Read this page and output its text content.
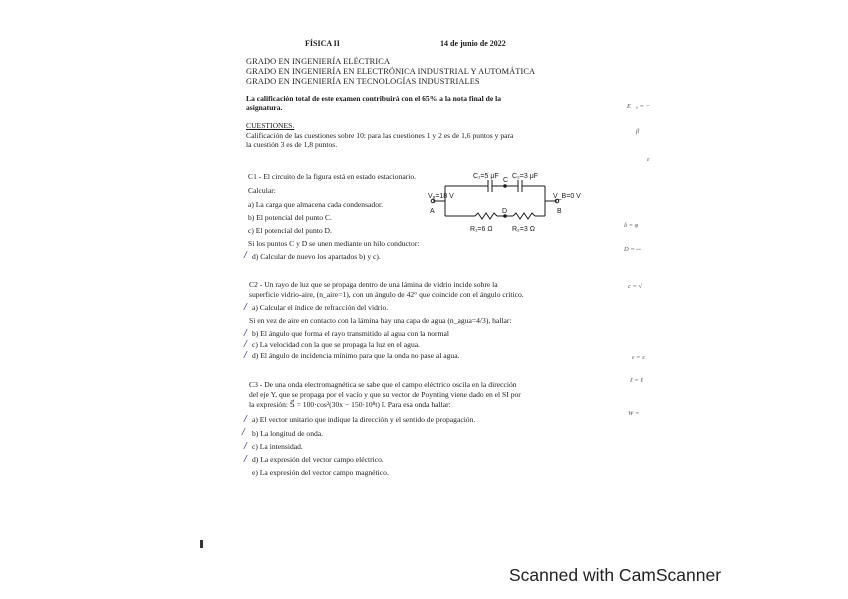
FÍSICA II	14 de junio de 2022
GRADO EN INGENIERÍA ELÉCTRICA
GRADO EN INGENIERÍA EN ELECTRÓNICA INDUSTRIAL Y AUTOMÁTICA
GRADO EN INGENIERÍA EN TECNOLOGÍAS INDUSTRIALES
La calificación total de este examen contribuirá con el 65% a la nota final de la
asignatura.
CUESTIONES.
Calificación de las cuestiones sobre 10: para las cuestiones 1 y 2 es de 1,6 puntos y para
la cuestión 3 es de 1,8 puntos.
C1 - El circuito de la figura está en estado estacionario.
Calcular:
a) La carga que almacena cada condensador.
b) El potencial del punto C.
c) El potencial del punto D.
Si los puntos C y D se unen mediante un hilo conductor:
d) Calcular de nuevo los apartados b) y c).
/
C₁=5 μF C₂=3 μF
C
Vₐ=18 V
A
V_B=0 V
B
D
R₁=6 Ω	R₂=3 Ω
C2 - Un rayo de luz que se propaga dentro de una lámina de vidrio incide sobre la
superficie vidrio-aire, (n_aire=1), con un ángulo de 42° que coincide con el ángulo crítico.
a) Calcular el índice de refracción del vidrio.
Si en vez de aire en contacto con la lámina hay una capa de agua (n_agua=4/3), hallar:
b) El ángulo que forma el rayo transmitido al agua con la normal
c) La velocidad con la que se propaga la luz en el agua.
d) El ángulo de incidencia mínimo para que la onda no pase al agua.
/
/
/
/
C3 - De una onda electromagnética se sabe que el campo eléctrico oscila en la dirección
del eje Y, que se propaga por el vacío y que su vector de Poynting viene dado en el SI por
la expresión: S⃗ = 100·cos²(30x − 150·10⁸t) î. Para esa onda hallar:
a) El vector unitario que indique la dirección y el sentido de propagación.
b) La longitud de onda.
c) La intensidad.
d) La expresión del vector campo eléctrico.
e) La expresión del vector campo magnético.
/
/
/
/
E⃗ₐ = −
β
ε
δ = φ
D = ─
c = √
ε = ε
ℓ = ℓ
W =
Scanned with CamScanner
